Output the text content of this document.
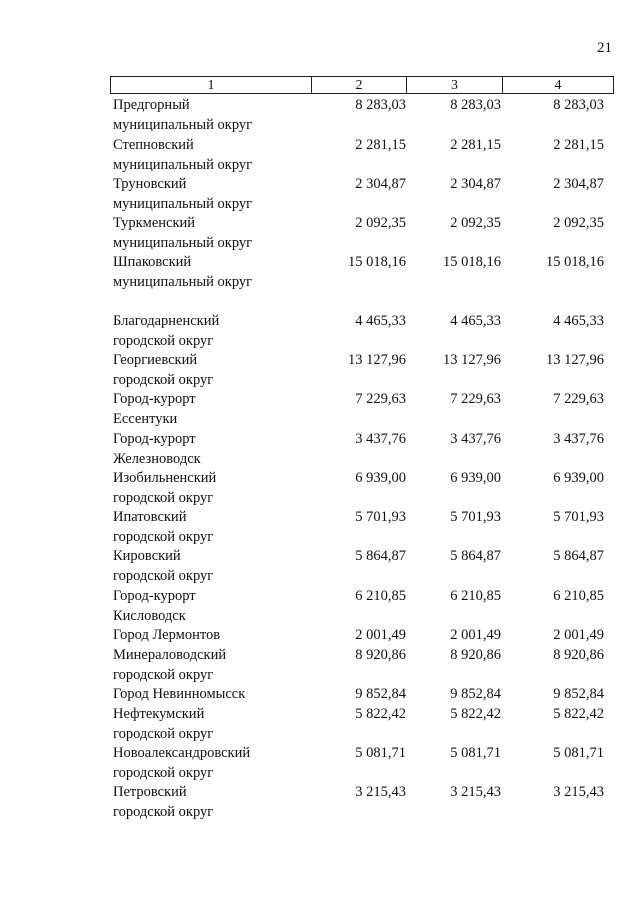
21
1	2	3	4
Предгорный
муниципальный округ
8 283,03	8 283,03	8 283,03
Степновский
муниципальный округ
2 281,15	2 281,15	2 281,15
Труновский
муниципальный округ
2 304,87	2 304,87	2 304,87
Туркменский
муниципальный округ
2 092,35	2 092,35	2 092,35
Шпаковский
муниципальный округ
15 018,16	15 018,16	15 018,16
Благодарненский
городской округ
4 465,33	4 465,33	4 465,33
Георгиевский
городской округ
13 127,96	13 127,96	13 127,96
Город-курорт
Ессентуки
7 229,63	7 229,63	7 229,63
Город-курорт
Железноводск
3 437,76	3 437,76	3 437,76
Изобильненский
городской округ
6 939,00	6 939,00	6 939,00
Ипатовский
городской округ
5 701,93	5 701,93	5 701,93
Кировский
городской округ
5 864,87	5 864,87	5 864,87
Город-курорт
Кисловодск
6 210,85	6 210,85	6 210,85
Город Лермонтов	2 001,49	2 001,49	2 001,49
Минераловодский
городской округ
8 920,86	8 920,86	8 920,86
Город Невинномысск	9 852,84	9 852,84	9 852,84
Нефтекумский
городской округ
5 822,42	5 822,42	5 822,42
Новоалександровский
городской округ
5 081,71	5 081,71	5 081,71
Петровский
городской округ
3 215,43	3 215,43	3 215,43
